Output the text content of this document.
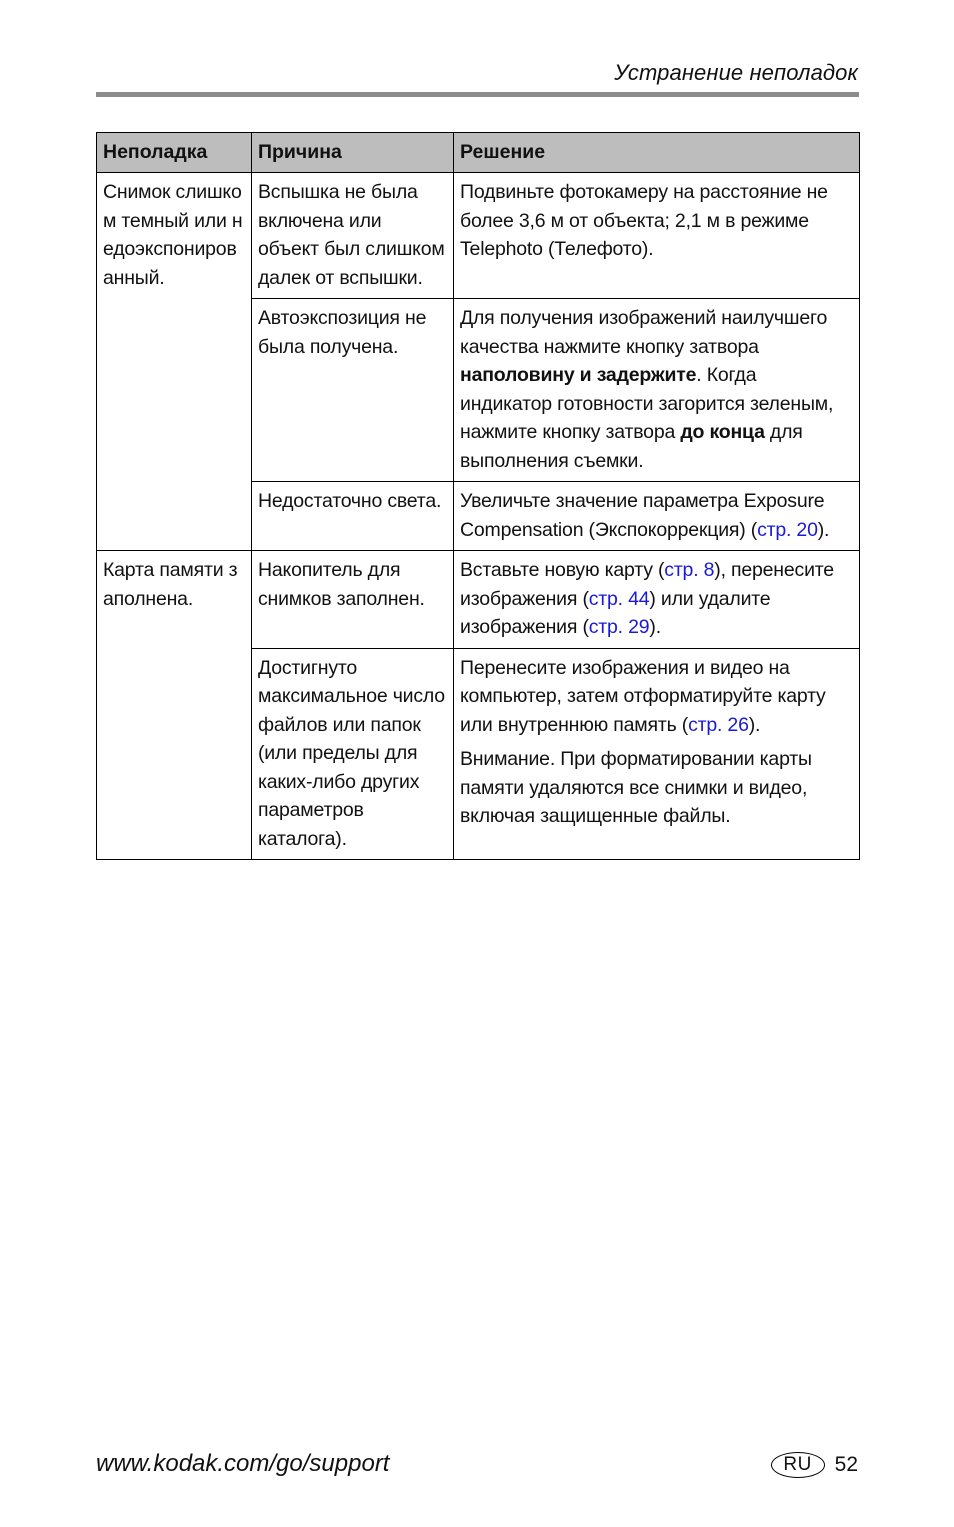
Устранение неполадок
Неполадка	Причина	Решение
Снимок слишком темный или недоэкспонированный.	Вспышка не была включена или объект был слишком далек от вспышки.	Подвиньте фотокамеру на расстояние не более 3,6 м от объекта; 2,1 м в режиме Telephoto (Телефото).
	Автоэкспозиция не была получена.	Для получения изображений наилучшего качества нажмите кнопку затвора наполовину и задержите. Когда индикатор готовности загорится зеленым, нажмите кнопку затвора до конца для выполнения съемки.
	Недостаточно света.	Увеличьте значение параметра Exposure Compensation (Экспокоррекция) (стр. 20).
Карта памяти заполнена.	Накопитель для снимков заполнен.	Вставьте новую карту (стр. 8), перенесите изображения (стр. 44) или удалите изображения (стр. 29).
	Достигнуто максимальное число файлов или папок (или пределы для каких-либо других параметров каталога).	Перенесите изображения и видео на компьютер, затем отформатируйте карту или внутреннюю память (стр. 26).

Внимание. При форматировании карты памяти удаляются все снимки и видео, включая защищенные файлы.

www.kodak.com/go/support	RU	52
